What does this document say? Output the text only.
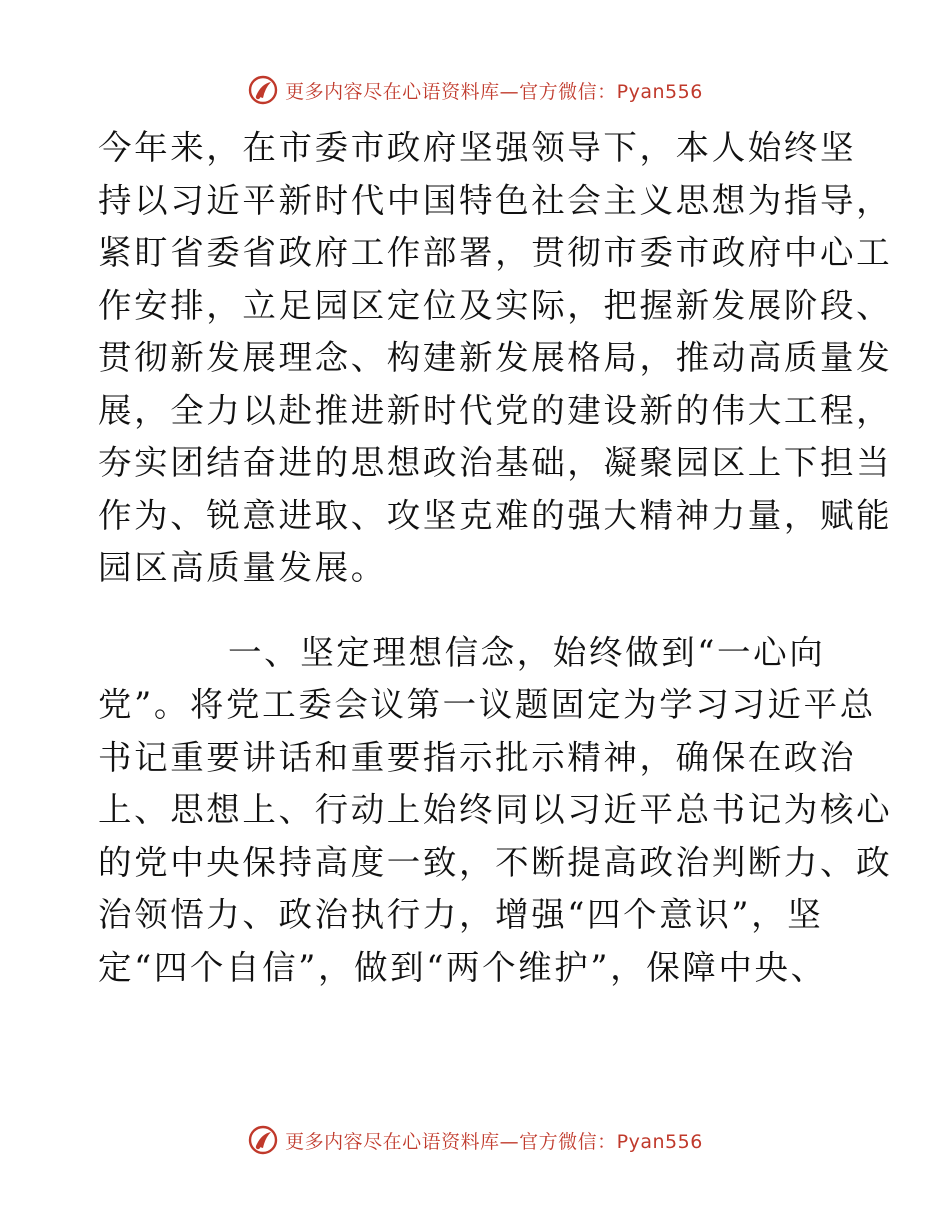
更多内容尽在心语资料库—官方微信：Pyan556

今年来，在市委市政府坚强领导下，本人始终坚

持以习近平新时代中国特色社会主义思想为指导，

紧盯省委省政府工作部署，贯彻市委市政府中心工

作安排，立足园区定位及实际，把握新发展阶段、

贯彻新发展理念、构建新发展格局，推动高质量发

展，全力以赴推进新时代党的建设新的伟大工程，

夯实团结奋进的思想政治基础，凝聚园区上下担当

作为、锐意进取、攻坚克难的强大精神力量，赋能

园区高质量发展。

一、坚定理想信念，始终做到“一心向

党”。将党工委会议第一议题固定为学习习近平总

书记重要讲话和重要指示批示精神，确保在政治

上、思想上、行动上始终同以习近平总书记为核心

的党中央保持高度一致，不断提高政治判断力、政

治领悟力、政治执行力，增强“四个意识”，坚

定“四个自信”，做到“两个维护”，保障中央、

更多内容尽在心语资料库—官方微信：Pyan556
